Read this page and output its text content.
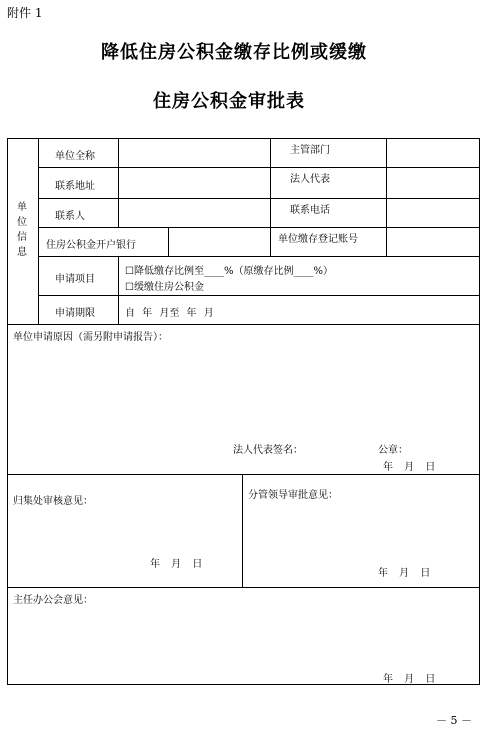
附件 1
降低住房公积金缴存比例或缓缴
住房公积金审批表
单位信息
单位全称
主管部门
联系地址
法人代表
联系人
联系电话
住房公积金开户银行
单位缴存登记账号
申请项目
申请期限
☐降低缴存比例至____%（原缴存比例____%）
☐缓缴住房公积金
自 年 月至 年 月
单位申请原因（需另附申请报告）：
法人代表签名：	公章：
年 月 日
归集处审核意见：
年 月 日
分管领导审批意见：
年 月 日
主任办公会意见：
年 月 日
－ 5 －
